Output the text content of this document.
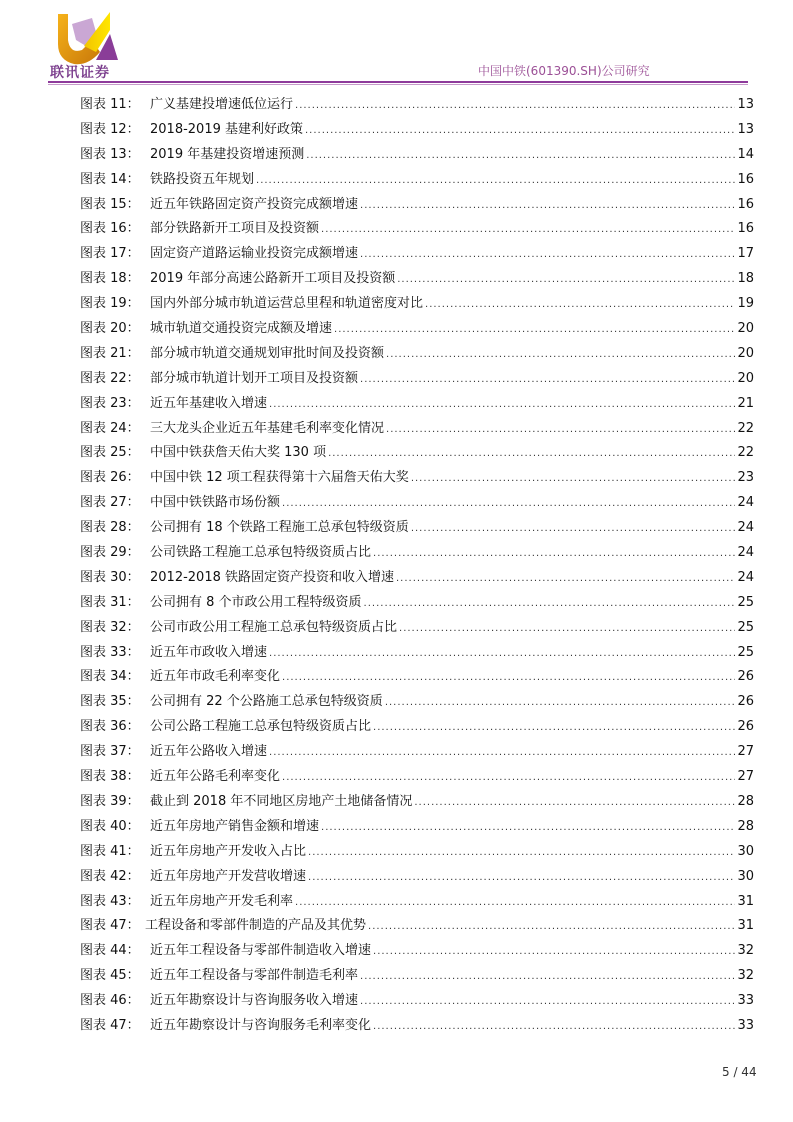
联讯证券	中国中铁(601390.SH)公司研究
图表 11： 广义基建投增速低位运行 .....	13
图表 12： 2018-2019 基建利好政策 .....	13
图表 13： 2019 年基建投资增速预测 .....	14
图表 14： 铁路投资五年规划 .....	16
图表 15： 近五年铁路固定资产投资完成额增速 .....	16
图表 16： 部分铁路新开工项目及投资额 .....	16
图表 17： 固定资产道路运输业投资完成额增速 .....	17
图表 18： 2019 年部分高速公路新开工项目及投资额 .....	18
图表 19： 国内外部分城市轨道运营总里程和轨道密度对比 .....	19
图表 20： 城市轨道交通投资完成额及增速 .....	20
图表 21： 部分城市轨道交通规划审批时间及投资额 .....	20
图表 22： 部分城市轨道计划开工项目及投资额 .....	20
图表 23： 近五年基建收入增速 .....	21
图表 24： 三大龙头企业近五年基建毛利率变化情况 .....	22
图表 25： 中国中铁获詹天佑大奖 130 项 .....	22
图表 26： 中国中铁 12 项工程获得第十六届詹天佑大奖 .....	23
图表 27： 中国中铁铁路市场份额 .....	24
图表 28： 公司拥有 18 个铁路工程施工总承包特级资质 .....	24
图表 29： 公司铁路工程施工总承包特级资质占比 .....	24
图表 30： 2012-2018 铁路固定资产投资和收入增速 .....	24
图表 31： 公司拥有 8 个市政公用工程特级资质 .....	25
图表 32： 公司市政公用工程施工总承包特级资质占比 .....	25
图表 33： 近五年市政收入增速 .....	25
图表 34： 近五年市政毛利率变化 .....	26
图表 35： 公司拥有 22 个公路施工总承包特级资质 .....	26
图表 36： 公司公路工程施工总承包特级资质占比 .....	26
图表 37： 近五年公路收入增速 .....	27
图表 38： 近五年公路毛利率变化 .....	27
图表 39： 截止到 2018 年不同地区房地产土地储备情况 .....	28
图表 40： 近五年房地产销售金额和增速 .....	28
图表 41： 近五年房地产开发收入占比 .....	30
图表 42： 近五年房地产开发营收增速 .....	30
图表 43： 近五年房地产开发毛利率 .....	31
图表 47： 工程设备和零部件制造的产品及其优势 .....	31
图表 44： 近五年工程设备与零部件制造收入增速 .....	32
图表 45： 近五年工程设备与零部件制造毛利率 .....	32
图表 46： 近五年勘察设计与咨询服务收入增速 .....	33
图表 47： 近五年勘察设计与咨询服务毛利率变化 .....	33
5 / 44
